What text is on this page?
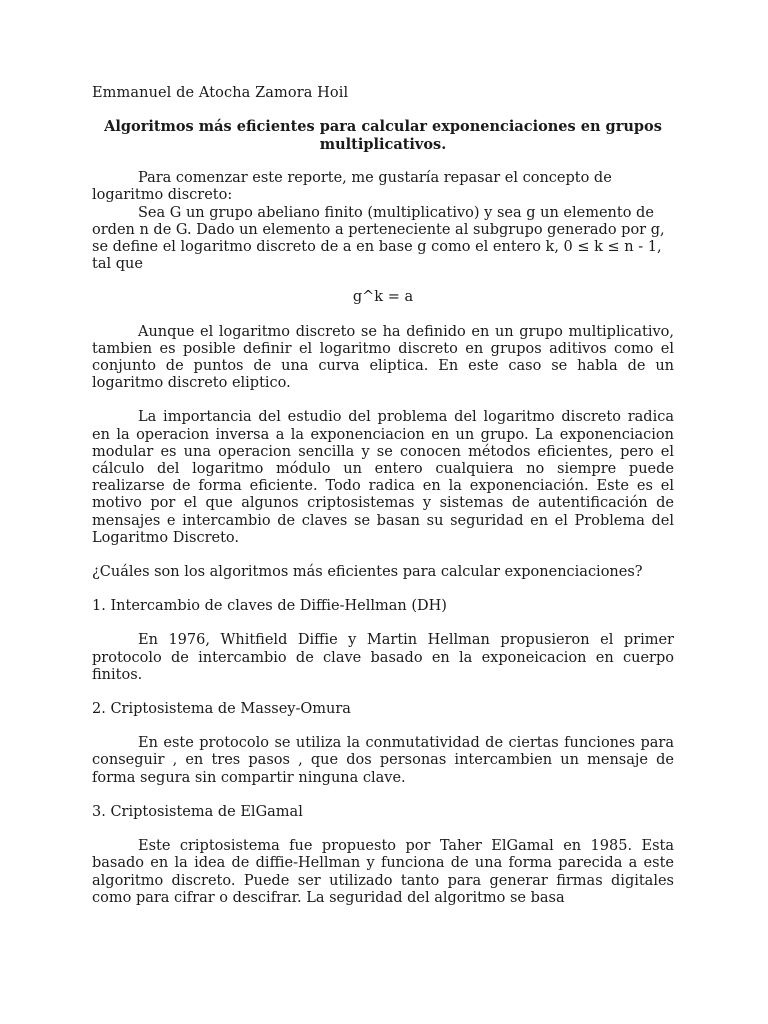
Emmanuel de Atocha Zamora Hoil

Algoritmos más eficientes para calcular exponenciaciones en grupos multiplicativos.

Para comenzar este reporte, me gustaría repasar el concepto de logaritmo discreto:

Sea G un grupo abeliano finito (multiplicativo) y sea g un elemento de orden n de G. Dado un elemento a perteneciente al subgrupo generado por g, se define el logaritmo discreto de a en base g como el entero k, 0 ≤ k ≤ n - 1, tal que

g^k = a

Aunque el logaritmo discreto se ha definido en un grupo multiplicativo, tambien es posible definir el logaritmo discreto en grupos aditivos como el conjunto de puntos de una curva eliptica. En este caso se habla de un logaritmo discreto eliptico.

La importancia del estudio del problema del logaritmo discreto radica en la operacion inversa a la exponenciacion en un grupo. La exponenciacion modular es una operacion sencilla y se conocen métodos eficientes, pero el cálculo del logaritmo módulo un entero cualquiera no siempre puede realizarse de forma eficiente. Todo radica en la exponenciación. Este es el motivo por el que algunos criptosistemas y sistemas de autentificación de mensajes e intercambio de claves se basan su seguridad en el Problema del Logaritmo Discreto.

¿Cuáles son los algoritmos más eficientes para calcular exponenciaciones?

1. Intercambio de claves de Diffie-Hellman (DH)

En 1976, Whitfield Diffie y Martin Hellman propusieron el primer protocolo de intercambio de clave basado en la exponeicacion en cuerpo finitos.

2. Criptosistema de Massey-Omura

En este protocolo se utiliza la conmutatividad de ciertas funciones para conseguir , en tres pasos , que dos personas intercambien un mensaje de forma segura sin compartir ninguna clave.

3. Criptosistema de ElGamal

Este criptosistema fue propuesto por Taher ElGamal en 1985. Esta basado en la idea de diffie-Hellman y funciona de una forma parecida a este algoritmo discreto. Puede ser utilizado tanto para generar firmas digitales como para cifrar o descifrar. La seguridad del algoritmo se basa
